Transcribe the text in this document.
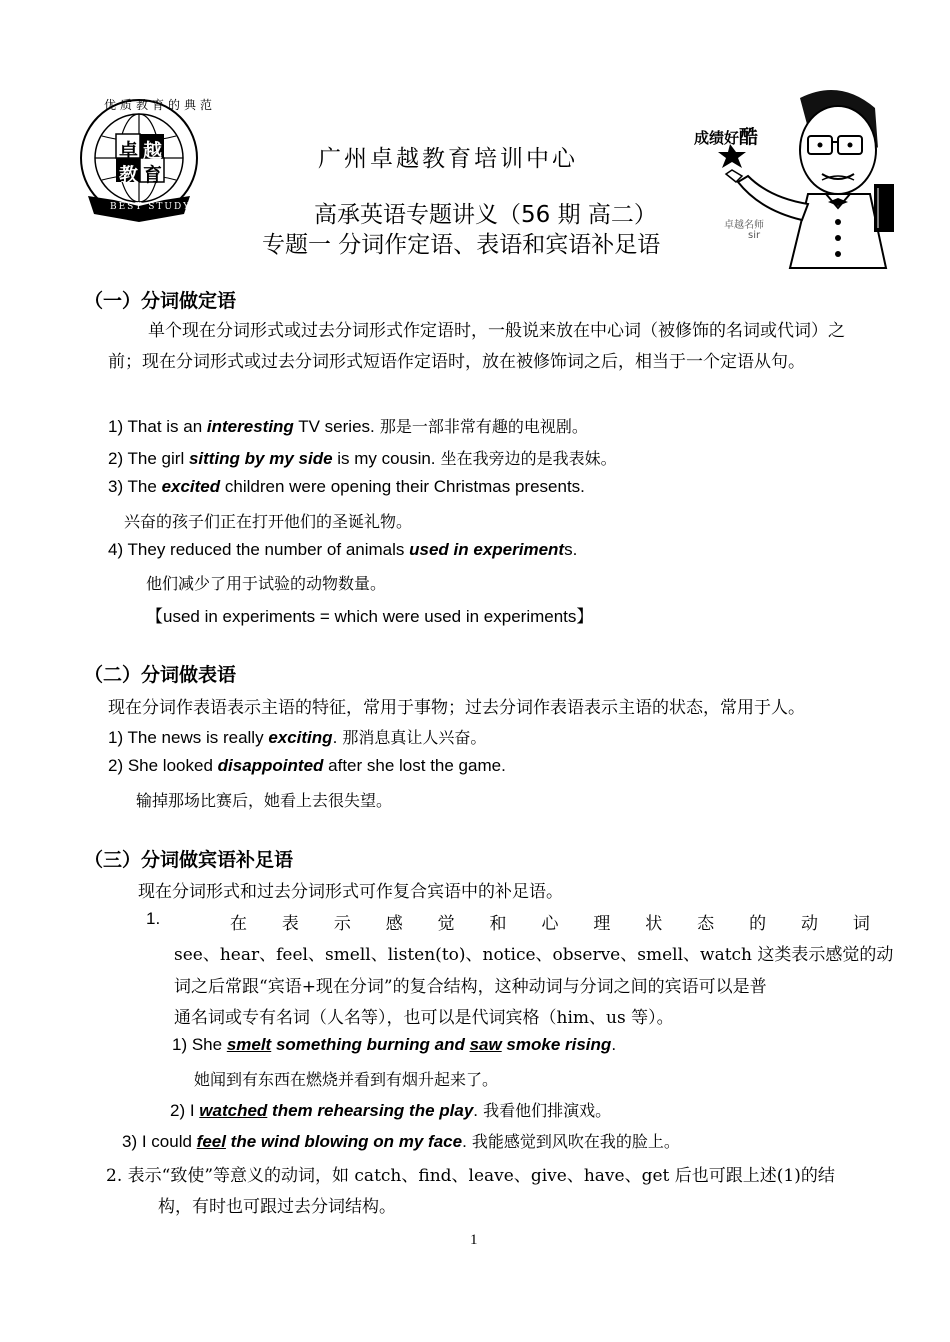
优质教育的典范
卓 越
教 育
BEST STUDY
广州卓越教育培训中心
高承英语专题讲义（56 期 高二）
专题一 分词作定语、表语和宾语补足语
成绩好酷
卓越名师
sir
（一）分词做定语
单个现在分词形式或过去分词形式作定语时，一般说来放在中心词（被修饰的名词或代词）之前；现在分词形式或过去分词形式短语作定语时，放在被修饰词之后，相当于一个定语从句。
1) That is an interesting TV series. 那是一部非常有趣的电视剧。
2) The girl sitting by my side is my cousin. 坐在我旁边的是我表妹。
3) The excited children were opening their Christmas presents.
兴奋的孩子们正在打开他们的圣诞礼物。
4) They reduced the number of animals used in experiments.
他们减少了用于试验的动物数量。
【used in experiments = which were used in experiments】
（二）分词做表语
现在分词作表语表示主语的特征，常用于事物；过去分词作表语表示主语的状态，常用于人。
1) The news is really exciting. 那消息真让人兴奋。
2) She looked disappointed after she lost the game.
输掉那场比赛后，她看上去很失望。
（三）分词做宾语补足语
现在分词形式和过去分词形式可作复合宾语中的补足语。
1.	在 表 示 感 觉 和 心 理 状 态 的 动 词
see、hear、feel、smell、listen(to)、notice、observe、smell、watch 这类表示感觉的动
词之后常跟“宾语+现在分词”的复合结构，这种动词与分词之间的宾语可以是普
通名词或专有名词（人名等），也可以是代词宾格（him、us 等）。
1) She smelt something burning and saw smoke rising.
她闻到有东西在燃烧并看到有烟升起来了。
2) I watched them rehearsing the play. 我看他们排演戏。
3) I could feel the wind blowing on my face. 我能感觉到风吹在我的脸上。
2. 表示“致使”等意义的动词，如 catch、find、leave、give、have、get 后也可跟上述(1)的结
构，有时也可跟过去分词结构。
1
